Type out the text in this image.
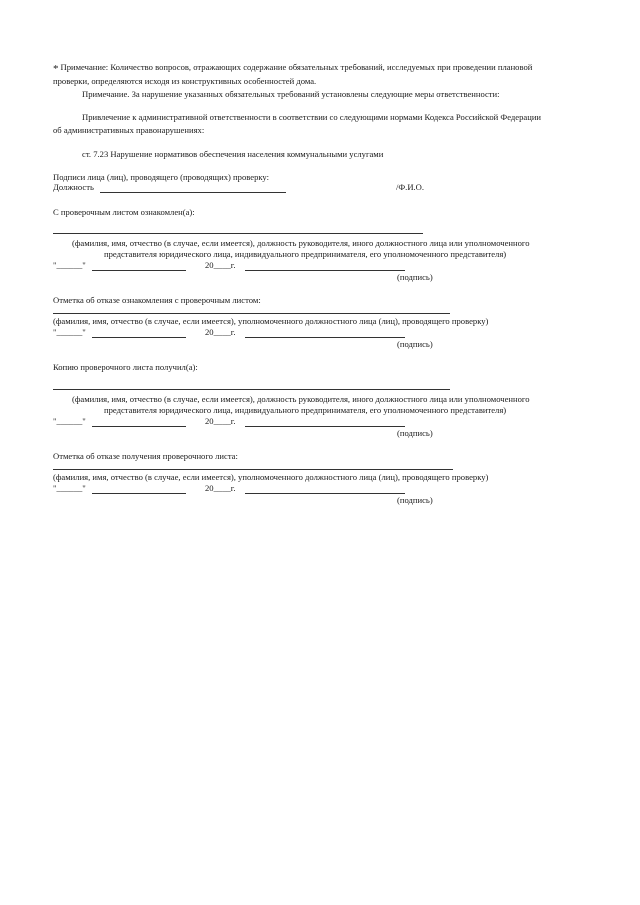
* Примечание: Количество вопросов, отражающих содержание обязательных требований, исследуемых при проведении плановой
проверки, определяются исходя из конструктивных особенностей дома.
Примечание. За нарушение указанных обязательных требований установлены следующие меры ответственности:
Привлечение к административной ответственности в соответствии со следующими нормами Кодекса Российской Федерации
об административных правонарушениях:
ст. 7.23 Нарушение нормативов обеспечения населения коммунальными услугами
Подписи лица (лиц), проводящего (проводящих) проверку:
Должность	/Ф.И.О.
С проверочным листом ознакомлен(а):
(фамилия, имя, отчество (в случае, если имеется), должность руководителя, иного должностного лица или уполномоченного
представителя юридического лица, индивидуального предпринимателя, его уполномоченного представителя)
"______"	20____г.
(подпись)
Отметка об отказе ознакомления с проверочным листом:
(фамилия, имя, отчество (в случае, если имеется), уполномоченного должностного лица (лиц), проводящего проверку)
"______"	20____г.
(подпись)
Копию проверочного листа получил(а):
(фамилия, имя, отчество (в случае, если имеется), должность руководителя, иного должностного лица или уполномоченного
представителя юридического лица, индивидуального предпринимателя, его уполномоченного представителя)
"______"	20____г.
(подпись)
Отметка об отказе получения проверочного листа:
(фамилия, имя, отчество (в случае, если имеется), уполномоченного должностного лица (лиц), проводящего проверку)
"______"	20____г.
(подпись)
